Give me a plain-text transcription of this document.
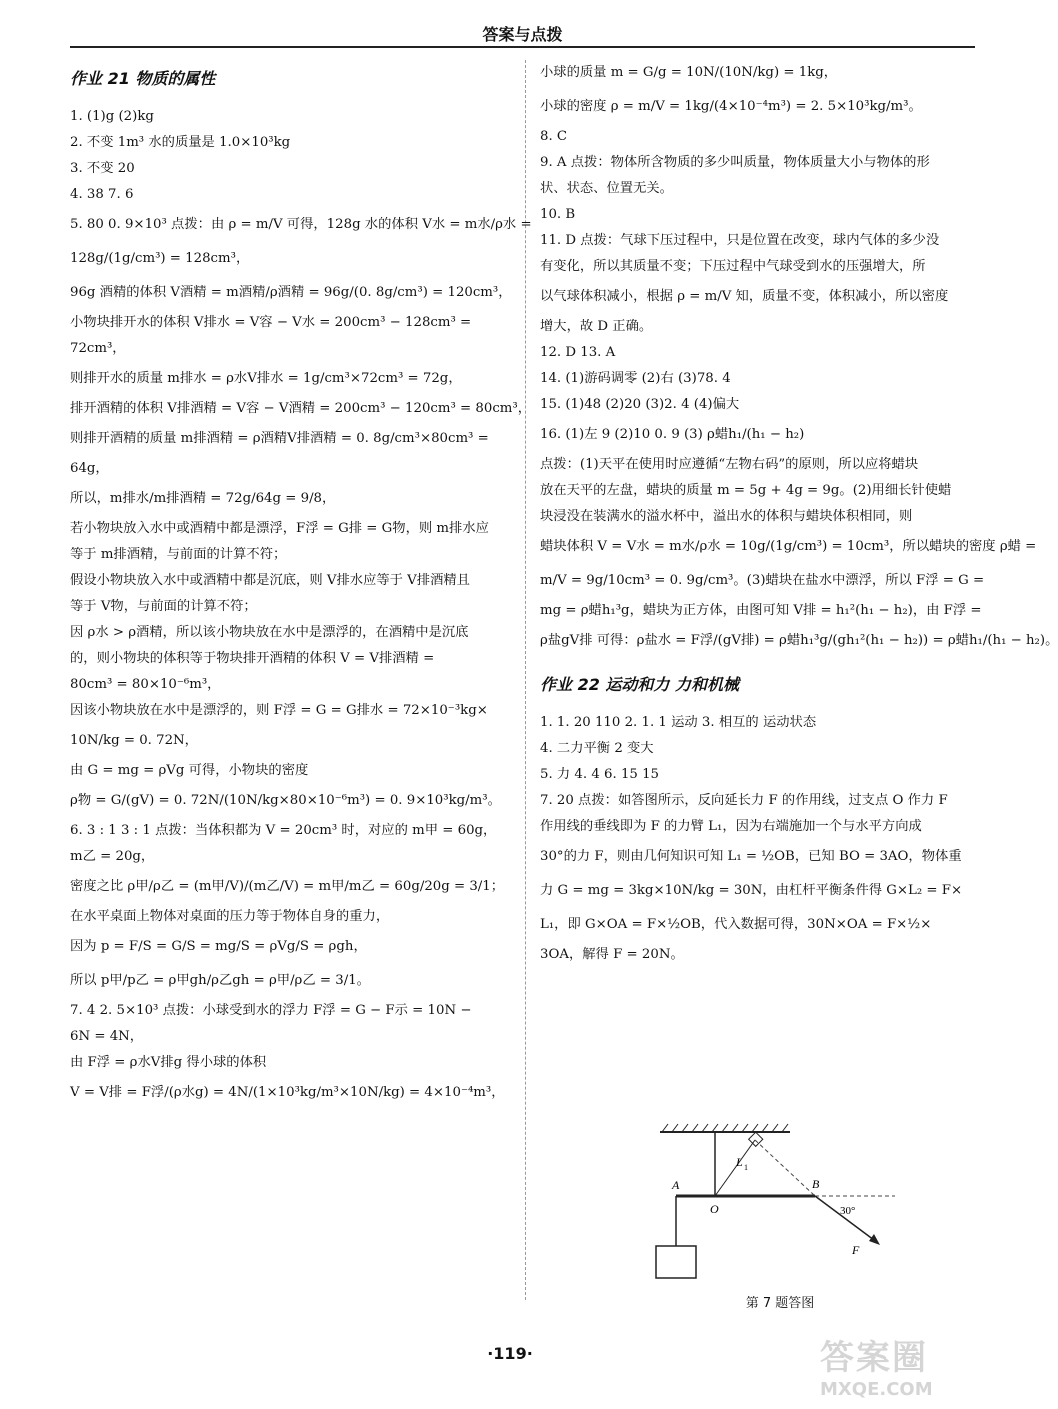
答案与点拨
作业 21 物质的属性
1. (1)g (2)kg
2. 不变 1m³ 水的质量是 1.0×10³kg
3. 不变 20
4. 38 7. 6
5. 80 0. 9×10³ 点拨：由 ρ = m/V 可得，128g 水的体积 V水 = m水/ρ水 =
128g/(1g/cm³) = 128cm³，
96g 酒精的体积 V酒精 = m酒精/ρ酒精 = 96g/(0. 8g/cm³) = 120cm³，
小物块排开水的体积 V排水 = V容 − V水 = 200cm³ − 128cm³ =
72cm³，
则排开水的质量 m排水 = ρ水V排水 = 1g/cm³×72cm³ = 72g，
排开酒精的体积 V排酒精 = V容 − V酒精 = 200cm³ − 120cm³ = 80cm³，
则排开酒精的质量 m排酒精 = ρ酒精V排酒精 = 0. 8g/cm³×80cm³ =
64g，
所以，m排水/m排酒精 = 72g/64g = 9/8，
若小物块放入水中或酒精中都是漂浮，F浮 = G排 = G物，则 m排水应
等于 m排酒精，与前面的计算不符；
假设小物块放入水中或酒精中都是沉底，则 V排水应等于 V排酒精且
等于 V物，与前面的计算不符；
因 ρ水 > ρ酒精，所以该小物块放在水中是漂浮的，在酒精中是沉底
的，则小物块的体积等于物块排开酒精的体积 V = V排酒精 =
80cm³ = 80×10⁻⁶m³，
因该小物块放在水中是漂浮的，则 F浮 = G = G排水 = 72×10⁻³kg×
10N/kg = 0. 72N，
由 G = mg = ρVg 可得，小物块的密度
ρ物 = G/(gV) = 0. 72N/(10N/kg×80×10⁻⁶m³) = 0. 9×10³kg/m³。
6. 3 : 1 3 : 1 点拨：当体积都为 V = 20cm³ 时，对应的 m甲 = 60g，
m乙 = 20g，
密度之比 ρ甲/ρ乙 = (m甲/V)/(m乙/V) = m甲/m乙 = 60g/20g = 3/1；
在水平桌面上物体对桌面的压力等于物体自身的重力，
因为 p = F/S = G/S = mg/S = ρVg/S = ρgh，
所以 p甲/p乙 = ρ甲gh/ρ乙gh = ρ甲/ρ乙 = 3/1。
7. 4 2. 5×10³ 点拨：小球受到水的浮力 F浮 = G − F示 = 10N −
6N = 4N，
由 F浮 = ρ水V排g 得小球的体积
V = V排 = F浮/(ρ水g) = 4N/(1×10³kg/m³×10N/kg) = 4×10⁻⁴m³，
小球的质量 m = G/g = 10N/(10N/kg) = 1kg，
小球的密度 ρ = m/V = 1kg/(4×10⁻⁴m³) = 2. 5×10³kg/m³。
8. C
9. A 点拨：物体所含物质的多少叫质量，物体质量大小与物体的形
状、状态、位置无关。
10. B
11. D 点拨：气球下压过程中，只是位置在改变，球内气体的多少没
有变化，所以其质量不变；下压过程中气球受到水的压强增大，所
以气球体积减小，根据 ρ = m/V 知，质量不变，体积减小，所以密度
增大，故 D 正确。
12. D 13. A
14. (1)游码调零 (2)右 (3)78. 4
15. (1)48 (2)20 (3)2. 4 (4)偏大
16. (1)左 9 (2)10 0. 9 (3) ρ蜡h₁/(h₁ − h₂)
点拨：(1)天平在使用时应遵循“左物右码”的原则，所以应将蜡块
放在天平的左盘，蜡块的质量 m = 5g + 4g = 9g。(2)用细长针使蜡
块浸没在装满水的溢水杯中，溢出水的体积与蜡块体积相同，则
蜡块体积 V = V水 = m水/ρ水 = 10g/(1g/cm³) = 10cm³，所以蜡块的密度 ρ蜡 =
m/V = 9g/10cm³ = 0. 9g/cm³。(3)蜡块在盐水中漂浮，所以 F浮 = G =
mg = ρ蜡h₁³g，蜡块为正方体，由图可知 V排 = h₁²(h₁ − h₂)，由 F浮 =
ρ盐gV排 可得：ρ盐水 = F浮/(gV排) = ρ蜡h₁³g/(gh₁²(h₁ − h₂)) = ρ蜡h₁/(h₁ − h₂)。
作业 22 运动和力 力和机械
1. 1. 20 110 2. 1. 1 运动 3. 相互的 运动状态
4. 二力平衡 2 变大
5. 力 4. 4 6. 15 15
7. 20 点拨：如答图所示，反向延长力 F 的作用线，过支点 O 作力 F
作用线的垂线即为 F 的力臂 L₁，因为右端施加一个与水平方向成
30°的力 F，则由几何知识可知 L₁ = ½OB，已知 BO = 3AO，物体重
力 G = mg = 3kg×10N/kg = 30N，由杠杆平衡条件得 G×L₂ = F×
L₁，即 G×OA = F×½OB，代入数据可得，30N×OA = F×½×
3OA，解得 F = 20N。
A
O
B
L 1
F
30°
第 7 题答图
·119·	答案圈
MXQE.COM
